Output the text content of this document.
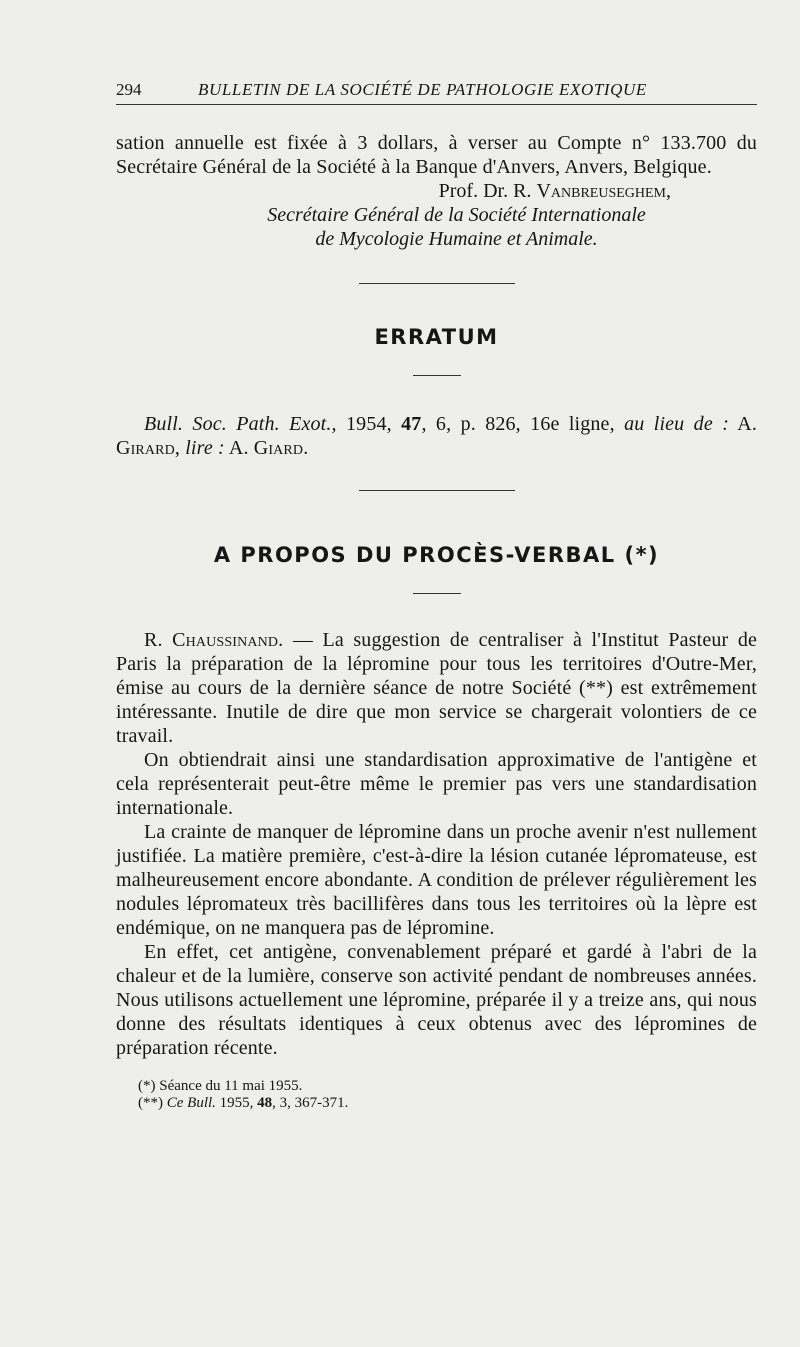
294	BULLETIN DE LA SOCIÉTÉ DE PATHOLOGIE EXOTIQUE

sation annuelle est fixée à 3 dollars, à verser au Compte n° 133.700 du Secrétaire Général de la Société à la Banque d'Anvers, Anvers, Belgique.

Prof. Dr. R. Vanbreuseghem,
Secrétaire Général de la Société Internationale
de Mycologie Humaine et Animale.
ERRATUM

Bull. Soc. Path. Exot., 1954, 47, 6, p. 826, 16e ligne, au lieu de : A. Girard, lire : A. Giard.

A PROPOS DU PROCÈS-VERBAL (*)

R. Chaussinand. — La suggestion de centraliser à l'Institut Pasteur de Paris la préparation de la lépromine pour tous les territoires d'Outre-Mer, émise au cours de la dernière séance de notre Société (**) est extrêmement intéressante. Inutile de dire que mon service se chargerait volontiers de ce travail.

On obtiendrait ainsi une standardisation approximative de l'antigène et cela représenterait peut-être même le premier pas vers une standardisation internationale.

La crainte de manquer de lépromine dans un proche avenir n'est nullement justifiée. La matière première, c'est-à-dire la lésion cutanée lépromateuse, est malheureusement encore abondante. A condition de prélever régulièrement les nodules lépromateux très bacillifères dans tous les territoires où la lèpre est endémique, on ne manquera pas de lépromine.

En effet, cet antigène, convenablement préparé et gardé à l'abri de la chaleur et de la lumière, conserve son activité pendant de nombreuses années. Nous utilisons actuellement une lépromine, préparée il y a treize ans, qui nous donne des résultats identiques à ceux obtenus avec des lépromines de préparation récente.

(*) Séance du 11 mai 1955.
(**) Ce Bull. 1955, 48, 3, 367-371.
